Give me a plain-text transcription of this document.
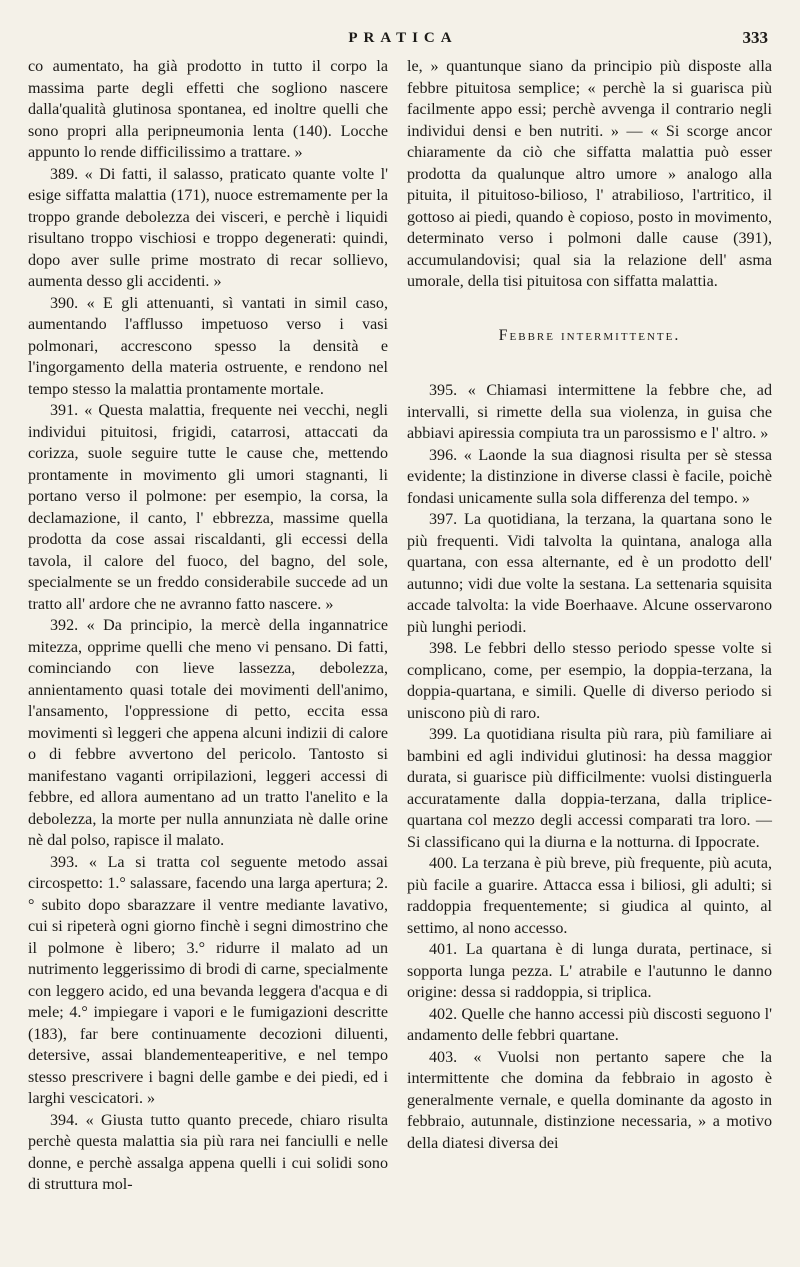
PRATICA	333

co aumentato, ha già prodotto in tutto il corpo la massima parte degli effetti che sogliono nascere dalla'qualità glutinosa spontanea, ed inoltre quelli che sono propri alla peripneumonia lenta (140). Locche appunto lo rende difficilissimo a trattare. »

389. « Di fatti, il salasso, praticato quante volte l' esige siffatta malattia (171), nuoce estremamente per la troppo grande debolezza dei visceri, e perchè i liquidi risultano troppo vischiosi e troppo degenerati: quindi, dopo aver sulle prime mostrato di recar sollievo, aumenta desso gli accidenti. »

390. « E gli attenuanti, sì vantati in simil caso, aumentando l'afflusso impetuoso verso i vasi polmonari, accrescono spesso la densità e l'ingorgamento della materia ostruente, e rendono nel tempo stesso la malattia prontamente mortale.

391. « Questa malattia, frequente nei vecchi, negli individui pituitosi, frigidi, catarrosi, attaccati da corizza, suole seguire tutte le cause che, mettendo prontamente in movimento gli umori stagnanti, li portano verso il polmone: per esempio, la corsa, la declamazione, il canto, l' ebbrezza, massime quella prodotta da cose assai riscaldanti, gli eccessi della tavola, il calore del fuoco, del bagno, del sole, specialmente se un freddo considerabile succede ad un tratto all' ardore che ne avranno fatto nascere. »

392. « Da principio, la mercè della ingannatrice mitezza, opprime quelli che meno vi pensano. Di fatti, cominciando con lieve lassezza, debolezza, annientamento quasi totale dei movimenti dell'animo, l'ansamento, l'oppressione di petto, eccita essa movimenti sì leggeri che appena alcuni indizii di calore o di febbre avvertono del pericolo. Tantosto si manifestano vaganti orripilazioni, leggeri accessi di febbre, ed allora aumentano ad un tratto l'anelito e la debolezza, la morte per nulla annunziata nè dalle orine nè dal polso, rapisce il malato.

393. « La si tratta col seguente metodo assai circospetto: 1.° salassare, facendo una larga apertura; 2.° subito dopo sbarazzare il ventre mediante lavativo, cui si ripeterà ogni giorno finchè i segni dimostrino che il polmone è libero; 3.° ridurre il malato ad un nutrimento leggerissimo di brodi di carne, specialmente con leggero acido, ed una bevanda leggera d'acqua e di mele; 4.° impiegare i vapori e le fumigazioni descritte (183), far bere continuamente decozioni diluenti, detersive, assai blandementeaperitive, e nel tempo stesso prescrivere i bagni delle gambe e dei piedi, ed i larghi vescicatori. »

394. « Giusta tutto quanto precede, chiaro risulta perchè questa malattia sia più rara nei fanciulli e nelle donne, e perchè assalga appena quelli i cui solidi sono di struttura mol-

le, » quantunque siano da principio più disposte alla febbre pituitosa semplice; « perchè la si guarisca più facilmente appo essi; perchè avvenga il contrario negli individui densi e ben nutriti. » — « Si scorge ancor chiaramente da ciò che siffatta malattia può esser prodotta da qualunque altro umore » analogo alla pituita, il pituitoso-bilioso, l' atrabilioso, l'artritico, il gottoso ai piedi, quando è copioso, posto in movimento, determinato verso i polmoni dalle cause (391), accumulandovisi; qual sia la relazione dell' asma umorale, della tisi pituitosa con siffatta malattia.

Febbre intermittente.

395. « Chiamasi intermittene la febbre che, ad intervalli, si rimette della sua violenza, in guisa che abbiavi apiressia compiuta tra un parossismo e l' altro. »

396. « Laonde la sua diagnosi risulta per sè stessa evidente; la distinzione in diverse classi è facile, poichè fondasi unicamente sulla sola differenza del tempo. »

397. La quotidiana, la terzana, la quartana sono le più frequenti. Vidi talvolta la quintana, analoga alla quartana, con essa alternante, ed è un prodotto dell' autunno; vidi due volte la sestana. La settenaria squisita accade talvolta: la vide Boerhaave. Alcune osservarono più lunghi periodi.

398. Le febbri dello stesso periodo spesse volte si complicano, come, per esempio, la doppia-terzana, la doppia-quartana, e simili. Quelle di diverso periodo si uniscono più di raro.

399. La quotidiana risulta più rara, più familiare ai bambini ed agli individui glutinosi: ha dessa maggior durata, si guarisce più difficilmente: vuolsi distinguerla accuratamente dalla doppia-terzana, dalla triplice-quartana col mezzo degli accessi comparati tra loro. — Si classificano qui la diurna e la notturna. di Ippocrate.

400. La terzana è più breve, più frequente, più acuta, più facile a guarire. Attacca essa i biliosi, gli adulti; si raddoppia frequentemente; si giudica al quinto, al settimo, al nono accesso.

401. La quartana è di lunga durata, pertinace, si sopporta lunga pezza. L' atrabile e l'autunno le danno origine: dessa si raddoppia, si triplica.

402. Quelle che hanno accessi più discosti seguono l' andamento delle febbri quartane.

403. « Vuolsi non pertanto sapere che la intermittente che domina da febbraio in agosto è generalmente vernale, e quella dominante da agosto in febbraio, autunnale, distinzione necessaria, » a motivo della diatesi diversa dei
